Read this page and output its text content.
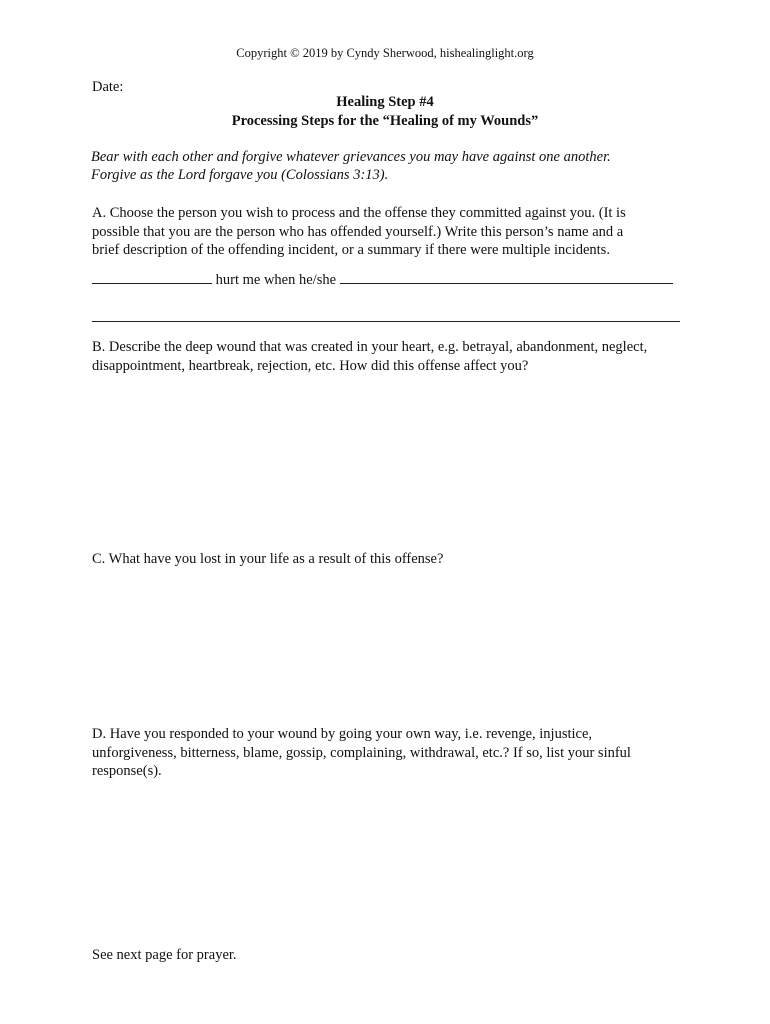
Copyright © 2019 by Cyndy Sherwood, hishealinglight.org
Date:
Healing Step #4
Processing Steps for the “Healing of my Wounds”
Bear with each other and forgive whatever grievances you may have against one another.
Forgive as the Lord forgave you (Colossians 3:13).
A. Choose the person you wish to process and the offense they committed against you. (It is
possible that you are the person who has offended yourself.) Write this person’s name and a
brief description of the offending incident, or a summary if there were multiple incidents.
hurt me when he/she
B. Describe the deep wound that was created in your heart, e.g. betrayal, abandonment, neglect,
disappointment, heartbreak, rejection, etc. How did this offense affect you?
C. What have you lost in your life as a result of this offense?
D. Have you responded to your wound by going your own way, i.e. revenge, injustice,
unforgiveness, bitterness, blame, gossip, complaining, withdrawal, etc.? If so, list your sinful
response(s).
See next page for prayer.
